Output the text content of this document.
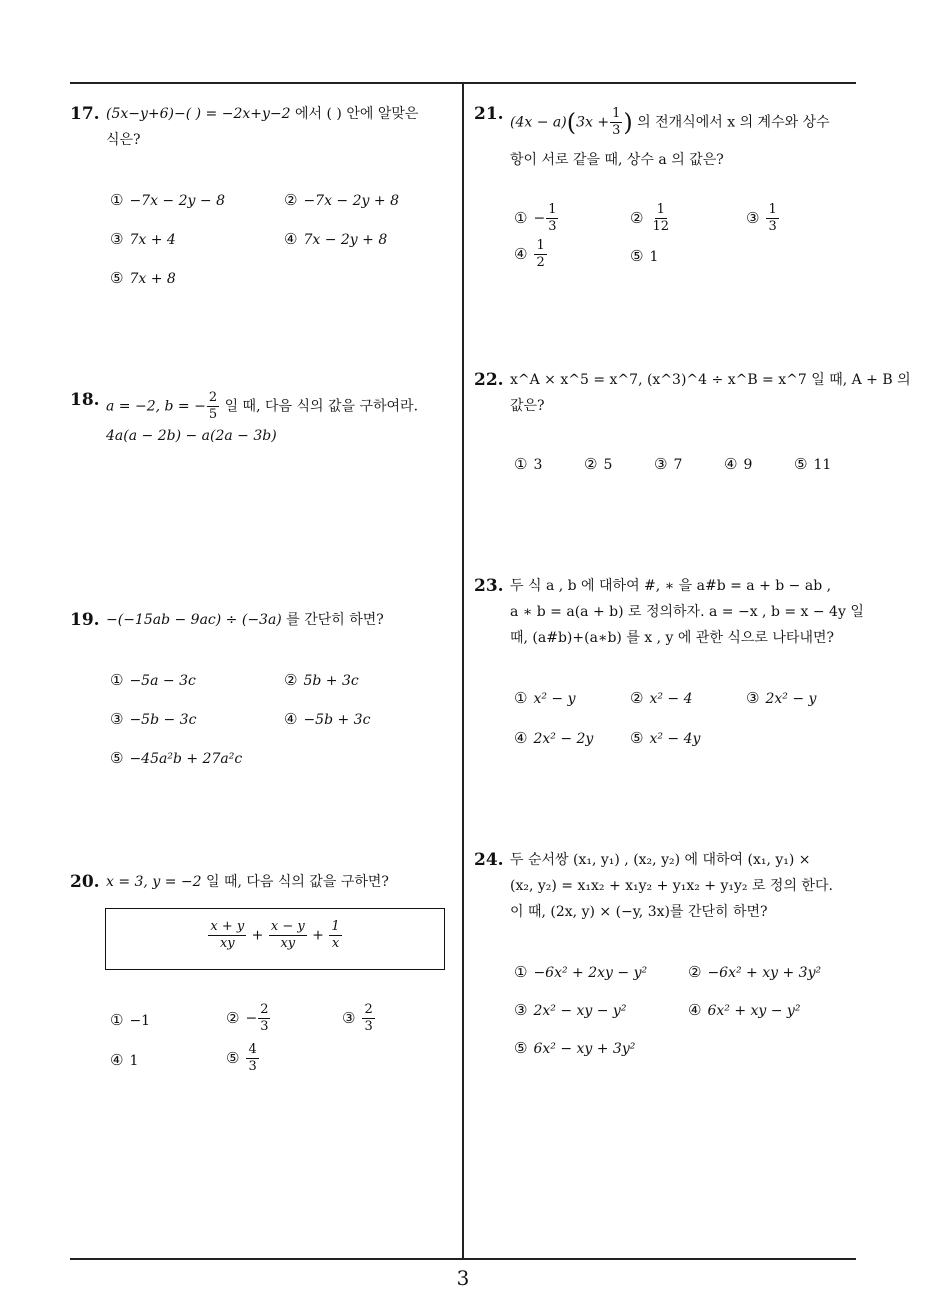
17. (5x−y+6)−( ) = −2x+y−2 에서 ( ) 안에 알맞은
식은?
① −7x − 2y − 8	② −7x − 2y + 8
③ 7x + 4	④ 7x − 2y + 8
⑤ 7x + 8
18. a = −2, b = − $\frac{2}{5}$ 일 때, 다음 식의 값을 구하여라.
4a(a − 2b) − a(2a − 3b)
19. −(−15ab − 9ac) ÷ (−3a) 를 간단히 하면?
① −5a − 3c	② 5b + 3c
③ −5b − 3c	④ −5b + 3c
⑤ −45a²b + 27a²c
20. x = 3, y = −2 일 때, 다음 식의 값을 구하면?
$\frac{x + y}{xy} + \frac{x - y}{xy} + \frac{1}{x}$
① −1	② − $\frac{2}{3}$	③ $\frac{2}{3}$
④ 1	⑤ $\frac{4}{3}$
21. $(4x - a)(3x + \frac{1}{3}$ ) 의 전개식에서 x 의 계수와 상수
항이 서로 같을 때, 상수 a 의 값은?
① − $\frac{1}{3}$	② $\frac{1}{12}$	③ $\frac{1}{3}$
④ $\frac{1}{2}$	⑤ 1
22. x^A × x^5 = x^7, (x^3)^4 ÷ x^B = x^7 일 때, A + B 의
값은?
① 3	② 5	③ 7	④ 9	⑤ 11
23. 두 식 a , b 에 대하여 #, ∗ 을 a#b = a + b − ab ,
a ∗ b = a(a + b) 로 정의하자. a = −x , b = x − 4y 일
때, (a#b)+(a∗b) 를 x , y 에 관한 식으로 나타내면?
① x² − y	② x² − 4	③ 2x² − y
④ 2x² − 2y ⑤ x² − 4y
24. 두 순서쌍 (x₁, y₁) , (x₂, y₂) 에 대하여 (x₁, y₁) ×
(x₂, y₂) = x₁x₂ + x₁y₂ + y₁x₂ + y₁y₂ 로 정의 한다.
이 때, (2x, y) × (−y, 3x)를 간단히 하면?
① −6x² + 2xy − y²	② −6x² + xy + 3y²
③ 2x² − xy − y²	④ 6x² + xy − y²
⑤ 6x² − xy + 3y²
3
